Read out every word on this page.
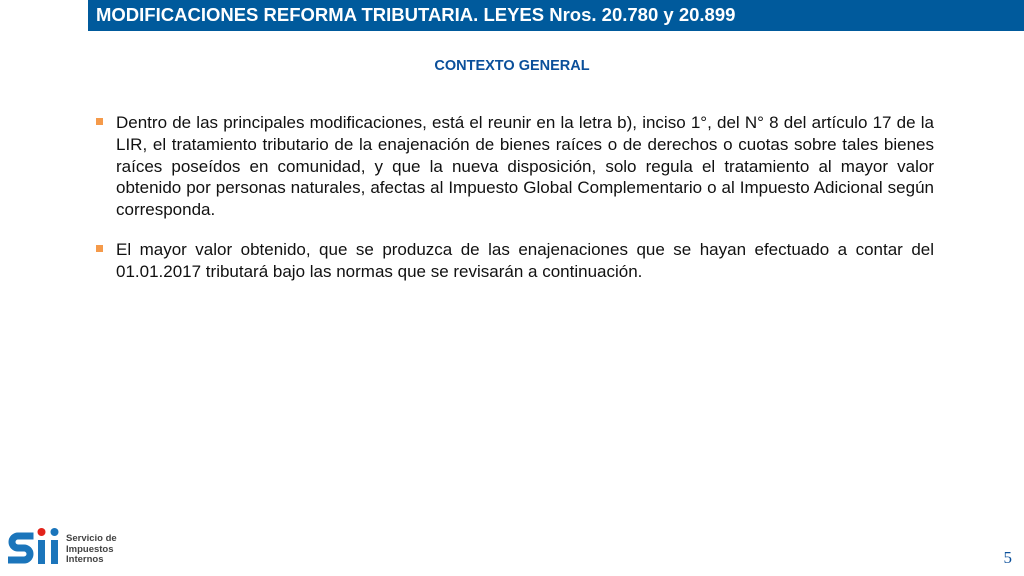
MODIFICACIONES REFORMA TRIBUTARIA. LEYES Nros. 20.780 y 20.899
CONTEXTO GENERAL
Dentro de las principales modificaciones, está el reunir en la letra b), inciso 1°, del N° 8 del artículo 17 de la LIR, el tratamiento tributario de la enajenación de bienes raíces o de derechos o cuotas sobre tales bienes raíces poseídos en comunidad, y que la nueva disposición, solo regula el tratamiento al mayor valor obtenido por personas naturales, afectas al Impuesto Global Complementario o al Impuesto Adicional según corresponda.
El mayor valor obtenido, que se produzca de las enajenaciones que se hayan efectuado a contar del 01.01.2017 tributará bajo las normas que se revisarán a continuación.
Servicio de
Impuestos
Internos	5
